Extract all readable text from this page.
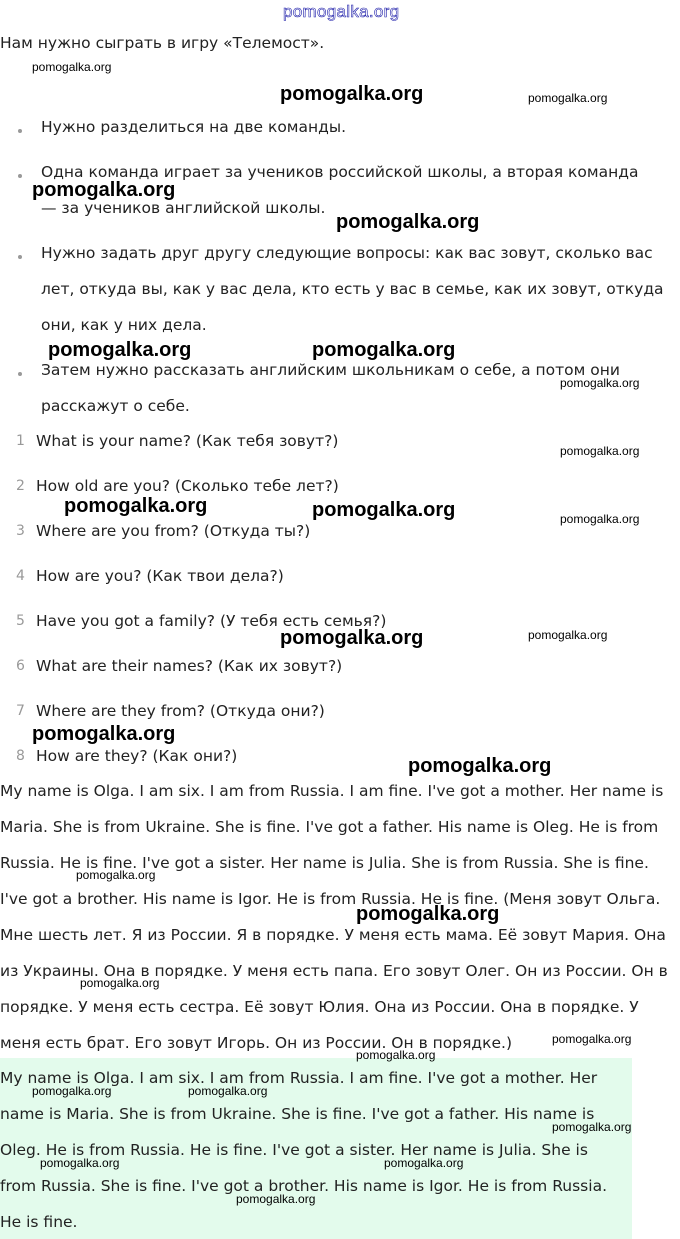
Нам нужно сыграть в игру «Телемост».
Нужно разделиться на две команды.
Одна команда играет за учеников российской школы, а вторая команда
— за учеников английской школы.
Нужно задать друг другу следующие вопросы: как вас зовут, сколько вас
лет, откуда вы, как у вас дела, кто есть у вас в семье, как их зовут, откуда
они, как у них дела.
Затем нужно рассказать английским школьникам о себе, а потом они
расскажут о себе.
1 What is your name? (Как тебя зовут?)
2 How old are you? (Сколько тебе лет?)
3 Where are you from? (Откуда ты?)
4 How are you? (Как твои дела?)
5 Have you got a family? (У тебя есть семья?)
6 What are their names? (Как их зовут?)
7 Where are they from? (Откуда они?)
8 How are they? (Как они?)
My name is Olga. I am six. I am from Russia. I am fine. I've got a mother. Her name is
Maria. She is from Ukraine. She is fine. I've got a father. His name is Oleg. He is from
Russia. He is fine. I've got a sister. Her name is Julia. She is from Russia. She is fine.
I've got a brother. His name is Igor. He is from Russia. He is fine. (Меня зовут Ольга.
Мне шесть лет. Я из России. Я в порядке. У меня есть мама. Её зовут Мария. Она
из Украины. Она в порядке. У меня есть папа. Его зовут Олег. Он из России. Он в
порядке. У меня есть сестра. Её зовут Юлия. Она из России. Она в порядке. У
меня есть брат. Его зовут Игорь. Он из России. Он в порядке.)
My name is Olga. I am six. I am from Russia. I am fine. I've got a mother. Her
name is Maria. She is from Ukraine. She is fine. I've got a father. His name is
Oleg. He is from Russia. He is fine. I've got a sister. Her name is Julia. She is
from Russia. She is fine. I've got a brother. His name is Igor. He is from Russia.
He is fine.
pomogalka.org
pomogalka.org
pomogalka.org	pomogalka.org
pomogalka.org
pomogalka.org
pomogalka.org	pomogalka.org
pomogalka.org
pomogalka.org
pomogalka.org	pomogalka.org	pomogalka.org
pomogalka.org	pomogalka.org
pomogalka.org
pomogalka.org
pomogalka.org
pomogalka.org
pomogalka.org
pomogalka.org
pomogalka.org
pomogalka.org	pomogalka.org
pomogalka.org
pomogalka.org	pomogalka.org
pomogalka.org
